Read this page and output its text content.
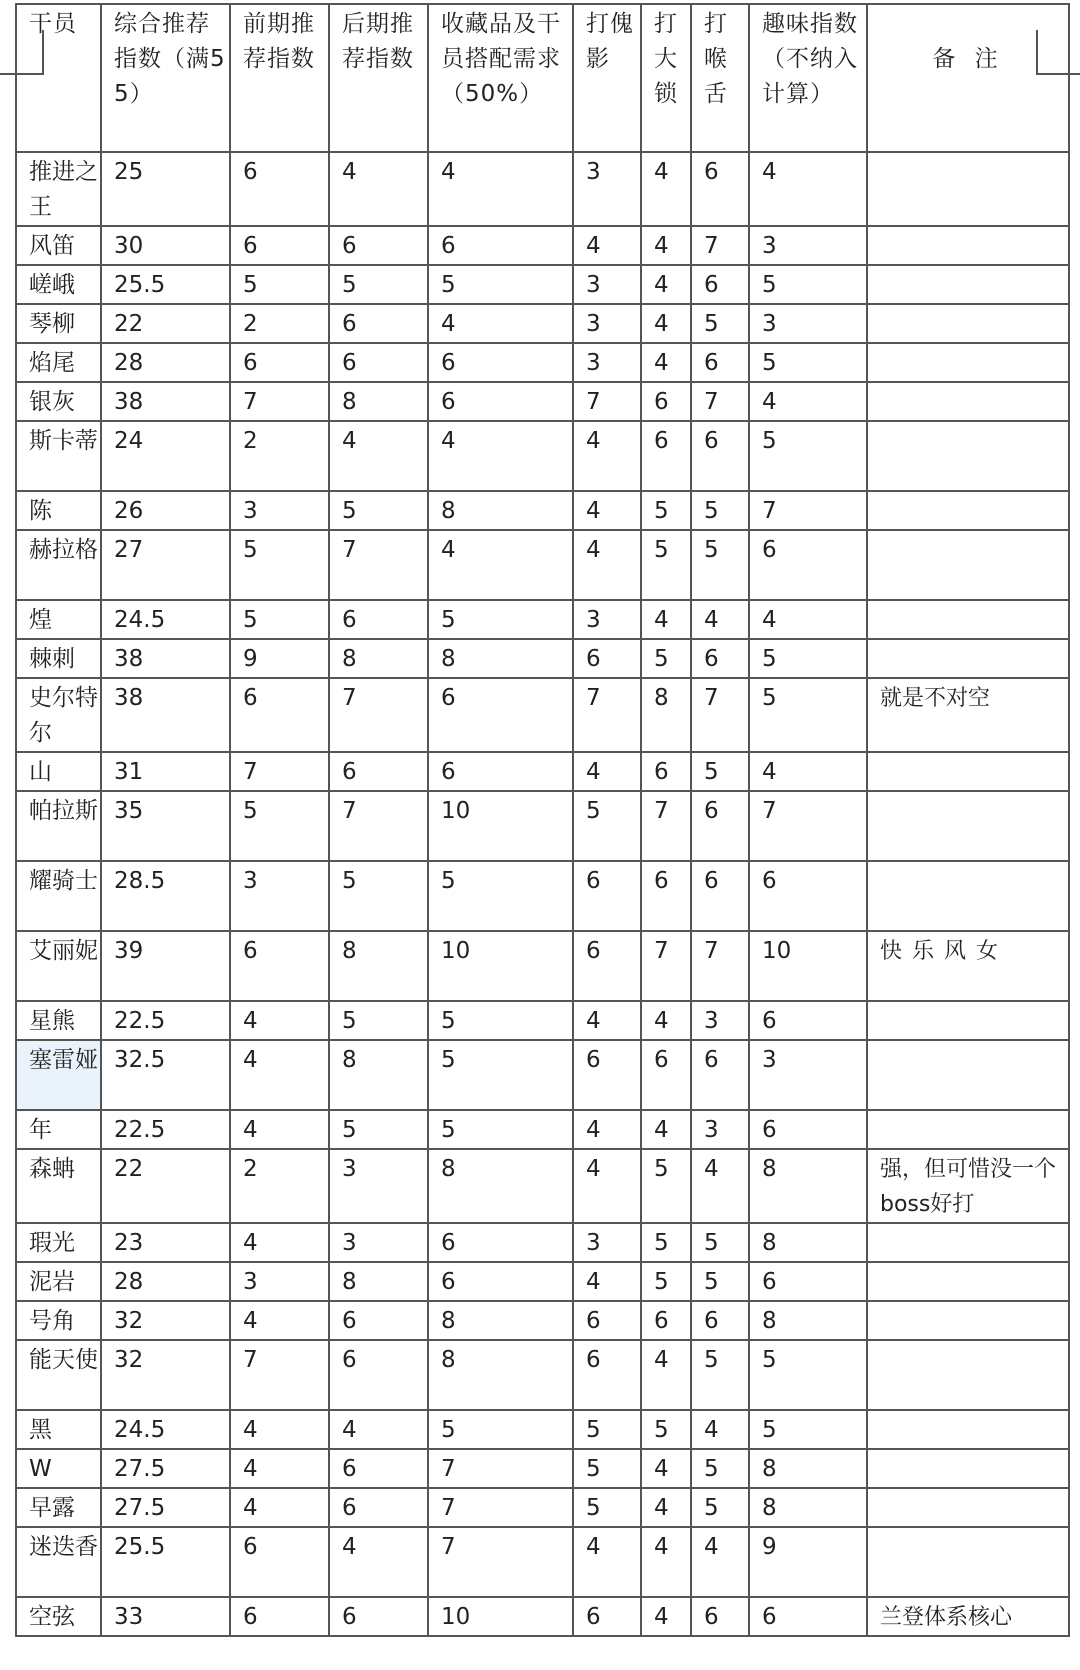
干员	综合推荐指数（满55）	前期推荐指数	后期推荐指数	收藏品及干员搭配需求（50%）	打傀影	打大锁	打喉舌	趣味指数（不纳入计算）	备 注
推进之王	25	6	4	4	3	4	6	4	
风笛	30	6	6	6	4	4	7	3	
嵯峨	25.5	5	5	5	3	4	6	5	
琴柳	22	2	6	4	3	4	5	3	
焰尾	28	6	6	6	3	4	6	5	
银灰	38	7	8	6	7	6	7	4	
斯卡蒂	24	2	4	4	4	6	6	5	
陈	26	3	5	8	4	5	5	7	
赫拉格	27	5	7	4	4	5	5	6	
煌	24.5	5	6	5	3	4	4	4	
棘刺	38	9	8	8	6	5	6	5	
史尔特尔	38	6	7	6	7	8	7	5	就是不对空
山	31	7	6	6	4	6	5	4	
帕拉斯	35	5	7	10	5	7	6	7	
耀骑士	28.5	3	5	5	6	6	6	6	
艾丽妮	39	6	8	10	6	7	7	10	快乐风女
星熊	22.5	4	5	5	4	4	3	6	
塞雷娅	32.5	4	8	5	6	6	6	3	
年	22.5	4	5	5	4	4	3	6	
森蚺	22	2	3	8	4	5	4	8	强，但可惜没一个boss好打
瑕光	23	4	3	6	3	5	5	8	
泥岩	28	3	8	6	4	5	5	6	
号角	32	4	6	8	6	6	6	8	
能天使	32	7	6	8	6	4	5	5	
黑	24.5	4	4	5	5	5	4	5	
W	27.5	4	6	7	5	4	5	8	
早露	27.5	4	6	7	5	4	5	8	
迷迭香	25.5	6	4	7	4	4	4	9	
空弦	33	6	6	10	6	4	6	6	兰登体系核心
